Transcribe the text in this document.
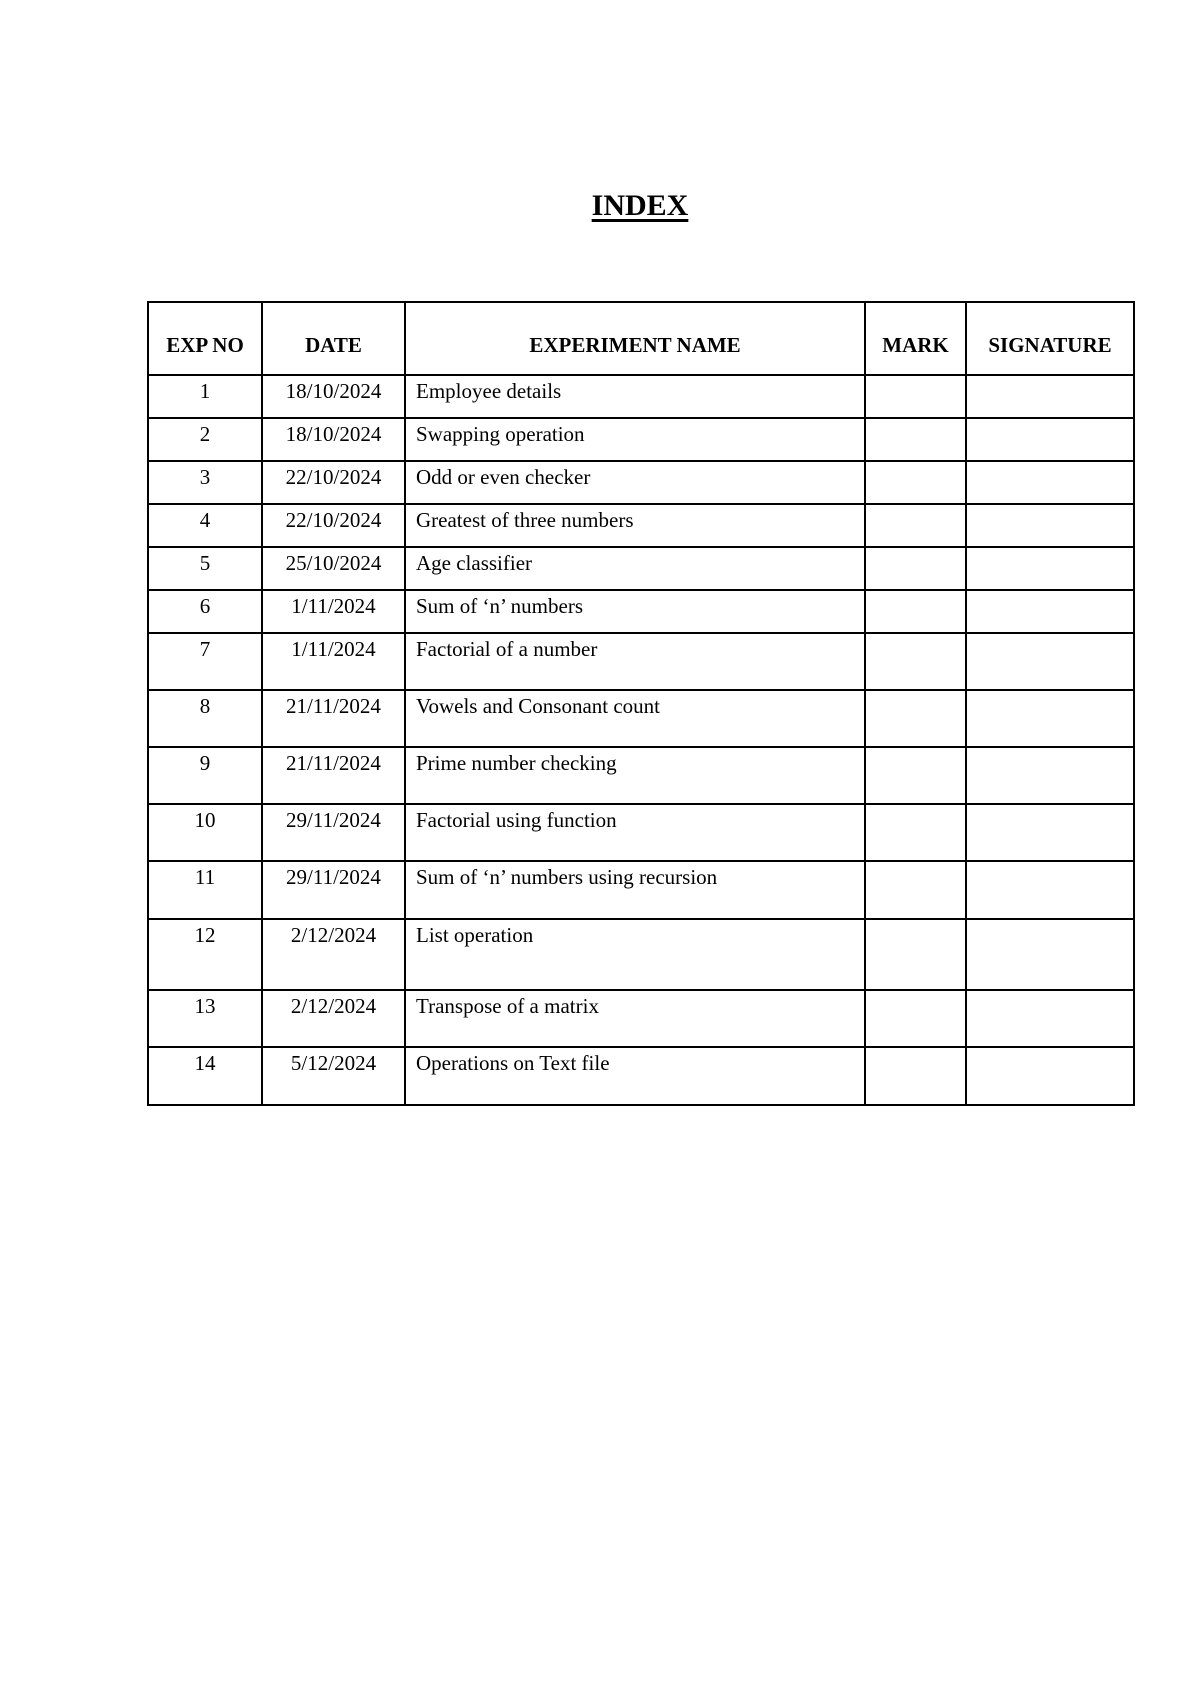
INDEX
EXP NO	DATE	EXPERIMENT NAME	MARK	SIGNATURE
1	18/10/2024	Employee details		
2	18/10/2024	Swapping operation		
3	22/10/2024	Odd or even checker		
4	22/10/2024	Greatest of three numbers		
5	25/10/2024	Age classifier		
6	1/11/2024	Sum of ‘n’ numbers		
7	1/11/2024	Factorial of a number		
8	21/11/2024	Vowels and Consonant count		
9	21/11/2024	Prime number checking		
10	29/11/2024	Factorial using function		
11	29/11/2024	Sum of ‘n’ numbers using recursion		
12	2/12/2024	List operation		
13	2/12/2024	Transpose of a matrix		
14	5/12/2024	Operations on Text file		
